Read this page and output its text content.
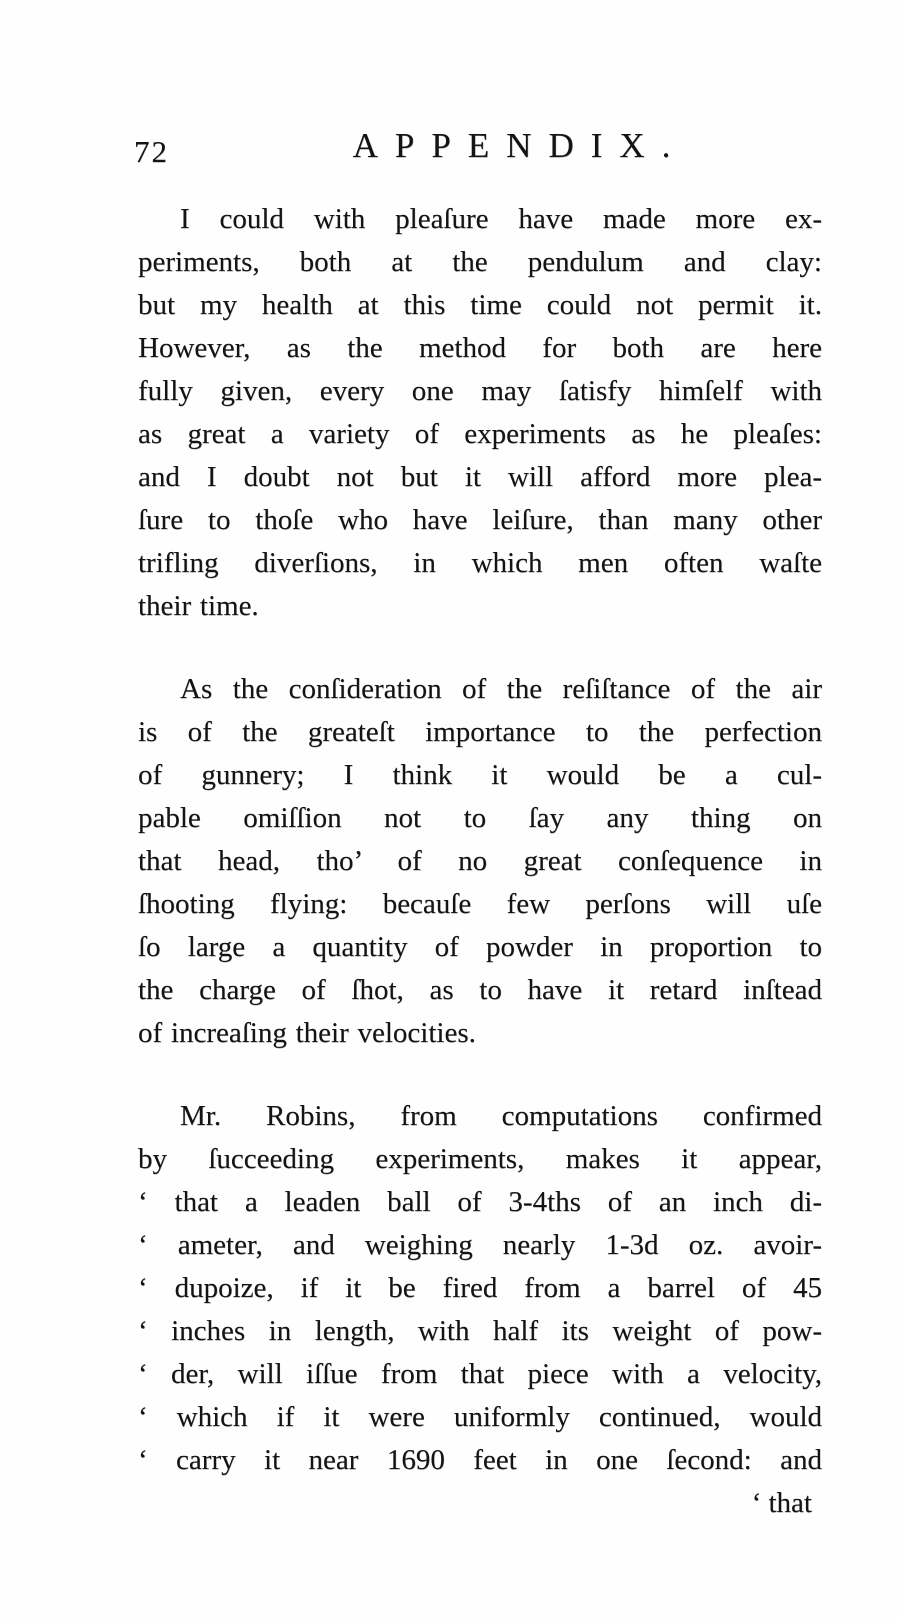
72	APPENDIX.
I could with pleaſure have made more ex-
periments, both at the pendulum and clay:
but my health at this time could not permit it.
However, as the method for both are here
fully given, every one may ſatisfy himſelf with
as great a variety of experiments as he pleaſes:
and I doubt not but it will afford more plea-
ſure to thoſe who have leiſure, than many other
trifling diverſions, in which men often waſte
their time.
As the conſideration of the reſiſtance of the air
is of the greateſt importance to the perfection
of gunnery; I think it would be a cul-
pable omiſſion not to ſay any thing on
that head, tho’ of no great conſequence in
ſhooting flying: becauſe few perſons will uſe
ſo large a quantity of powder in proportion to
the charge of ſhot, as to have it retard inſtead
of increaſing their velocities.
Mr. Robins, from computations confirmed
by ſucceeding experiments, makes it appear,
‘ that a leaden ball of 3-4ths of an inch di-
‘ ameter, and weighing nearly 1-3d oz. avoir-
‘ dupoize, if it be fired from a barrel of 45
‘ inches in length, with half its weight of pow-
‘ der, will iſſue from that piece with a velocity,
‘ which if it were uniformly continued, would
‘ carry it near 1690 feet in one ſecond: and
‘ that
